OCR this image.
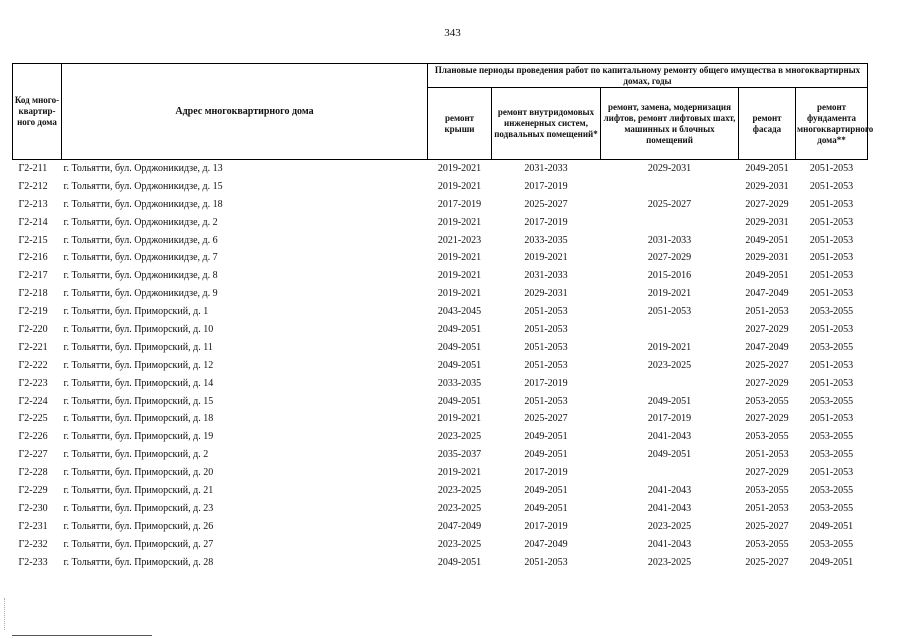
343
Код много-квартир-ного дома	Адрес многоквартирного дома	Плановые периоды проведения работ по капитальному ремонту общего имущества в многоквартирных домах, годы				
		ремонт крыши	ремонт внутридомовых инженерных систем, подвальных помещений*	ремонт, замена, модернизация лифтов, ремонт лифтовых шахт, машинных и блочных помещений	ремонт фасада	ремонт фундамента многоквартирного дома**
Г2-211	г. Тольятти, бул. Орджоникидзе, д. 13	2019-2021	2031-2033	2029-2031	2049-2051	2051-2053
Г2-212	г. Тольятти, бул. Орджоникидзе, д. 15	2019-2021	2017-2019		2029-2031	2051-2053
Г2-213	г. Тольятти, бул. Орджоникидзе, д. 18	2017-2019	2025-2027	2025-2027	2027-2029	2051-2053
Г2-214	г. Тольятти, бул. Орджоникидзе, д. 2	2019-2021	2017-2019		2029-2031	2051-2053
Г2-215	г. Тольятти, бул. Орджоникидзе, д. 6	2021-2023	2033-2035	2031-2033	2049-2051	2051-2053
Г2-216	г. Тольятти, бул. Орджоникидзе, д. 7	2019-2021	2019-2021	2027-2029	2029-2031	2051-2053
Г2-217	г. Тольятти, бул. Орджоникидзе, д. 8	2019-2021	2031-2033	2015-2016	2049-2051	2051-2053
Г2-218	г. Тольятти, бул. Орджоникидзе, д. 9	2019-2021	2029-2031	2019-2021	2047-2049	2051-2053
Г2-219	г. Тольятти, бул. Приморский, д. 1	2043-2045	2051-2053	2051-2053	2051-2053	2053-2055
Г2-220	г. Тольятти, бул. Приморский, д. 10	2049-2051	2051-2053		2027-2029	2051-2053
Г2-221	г. Тольятти, бул. Приморский, д. 11	2049-2051	2051-2053	2019-2021	2047-2049	2053-2055
Г2-222	г. Тольятти, бул. Приморский, д. 12	2049-2051	2051-2053	2023-2025	2025-2027	2051-2053
Г2-223	г. Тольятти, бул. Приморский, д. 14	2033-2035	2017-2019		2027-2029	2051-2053
Г2-224	г. Тольятти, бул. Приморский, д. 15	2049-2051	2051-2053	2049-2051	2053-2055	2053-2055
Г2-225	г. Тольятти, бул. Приморский, д. 18	2019-2021	2025-2027	2017-2019	2027-2029	2051-2053
Г2-226	г. Тольятти, бул. Приморский, д. 19	2023-2025	2049-2051	2041-2043	2053-2055	2053-2055
Г2-227	г. Тольятти, бул. Приморский, д. 2	2035-2037	2049-2051	2049-2051	2051-2053	2053-2055
Г2-228	г. Тольятти, бул. Приморский, д. 20	2019-2021	2017-2019		2027-2029	2051-2053
Г2-229	г. Тольятти, бул. Приморский, д. 21	2023-2025	2049-2051	2041-2043	2053-2055	2053-2055
Г2-230	г. Тольятти, бул. Приморский, д. 23	2023-2025	2049-2051	2041-2043	2051-2053	2053-2055
Г2-231	г. Тольятти, бул. Приморский, д. 26	2047-2049	2017-2019	2023-2025	2025-2027	2049-2051
Г2-232	г. Тольятти, бул. Приморский, д. 27	2023-2025	2047-2049	2041-2043	2053-2055	2053-2055
Г2-233	г. Тольятти, бул. Приморский, д. 28	2049-2051	2051-2053	2023-2025	2025-2027	2049-2051
